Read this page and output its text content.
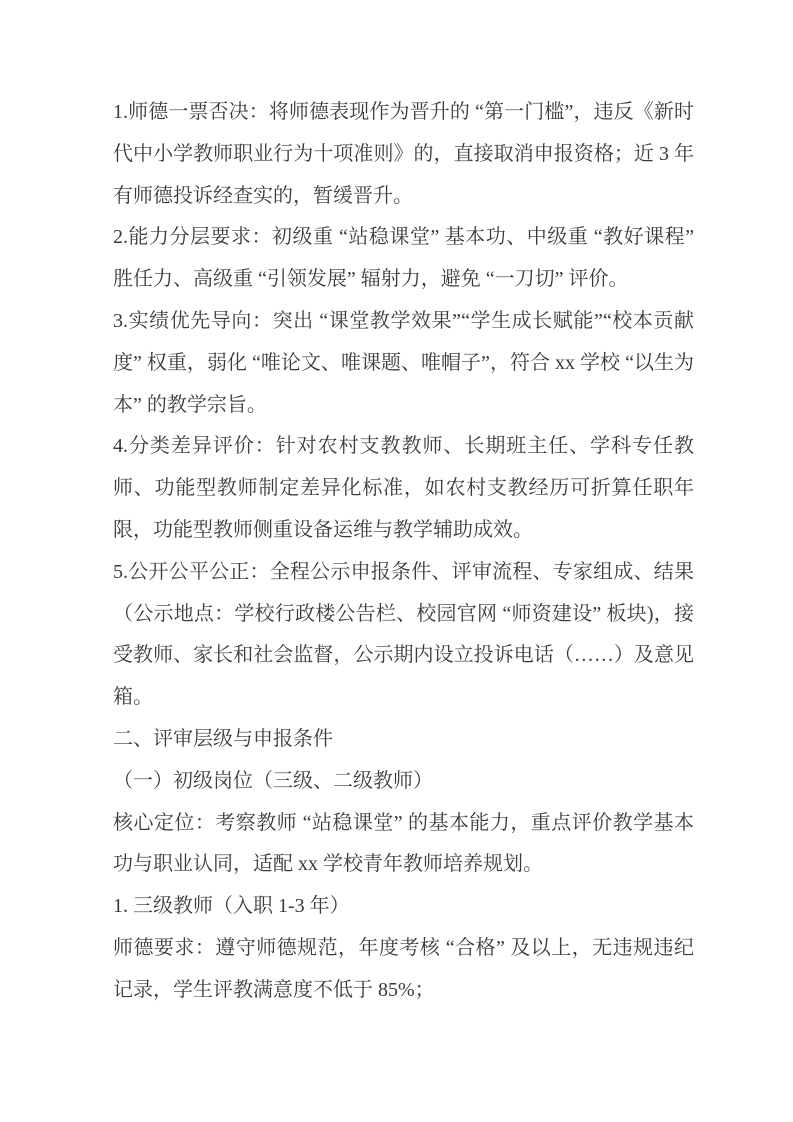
1.师德一票否决：将师德表现作为晋升的 “第一门槛”，违反《新时代中小学教师职业行为十项准则》的，直接取消申报资格；近 3 年有师德投诉经查实的，暂缓晋升。

2.能力分层要求：初级重 “站稳课堂” 基本功、中级重 “教好课程” 胜任力、高级重 “引领发展” 辐射力，避免 “一刀切” 评价。

3.实绩优先导向：突出 “课堂教学效果”“学生成长赋能”“校本贡献度” 权重，弱化 “唯论文、唯课题、唯帽子”，符合 xx 学校 “以生为本” 的教学宗旨。

4.分类差异评价：针对农村支教教师、长期班主任、学科专任教师、功能型教师制定差异化标准，如农村支教经历可折算任职年限，功能型教师侧重设备运维与教学辅助成效。

5.公开公平公正：全程公示申报条件、评审流程、专家组成、结果（公示地点：学校行政楼公告栏、校园官网 “师资建设” 板块)，接受教师、家长和社会监督，公示期内设立投诉电话（……）及意见箱。

二、评审层级与申报条件

（一）初级岗位（三级、二级教师）

核心定位：考察教师 “站稳课堂” 的基本能力，重点评价教学基本功与职业认同，适配 xx 学校青年教师培养规划。

1. 三级教师（入职 1-3 年）

师德要求：遵守师德规范，年度考核 “合格” 及以上，无违规违纪记录，学生评教满意度不低于 85%；
